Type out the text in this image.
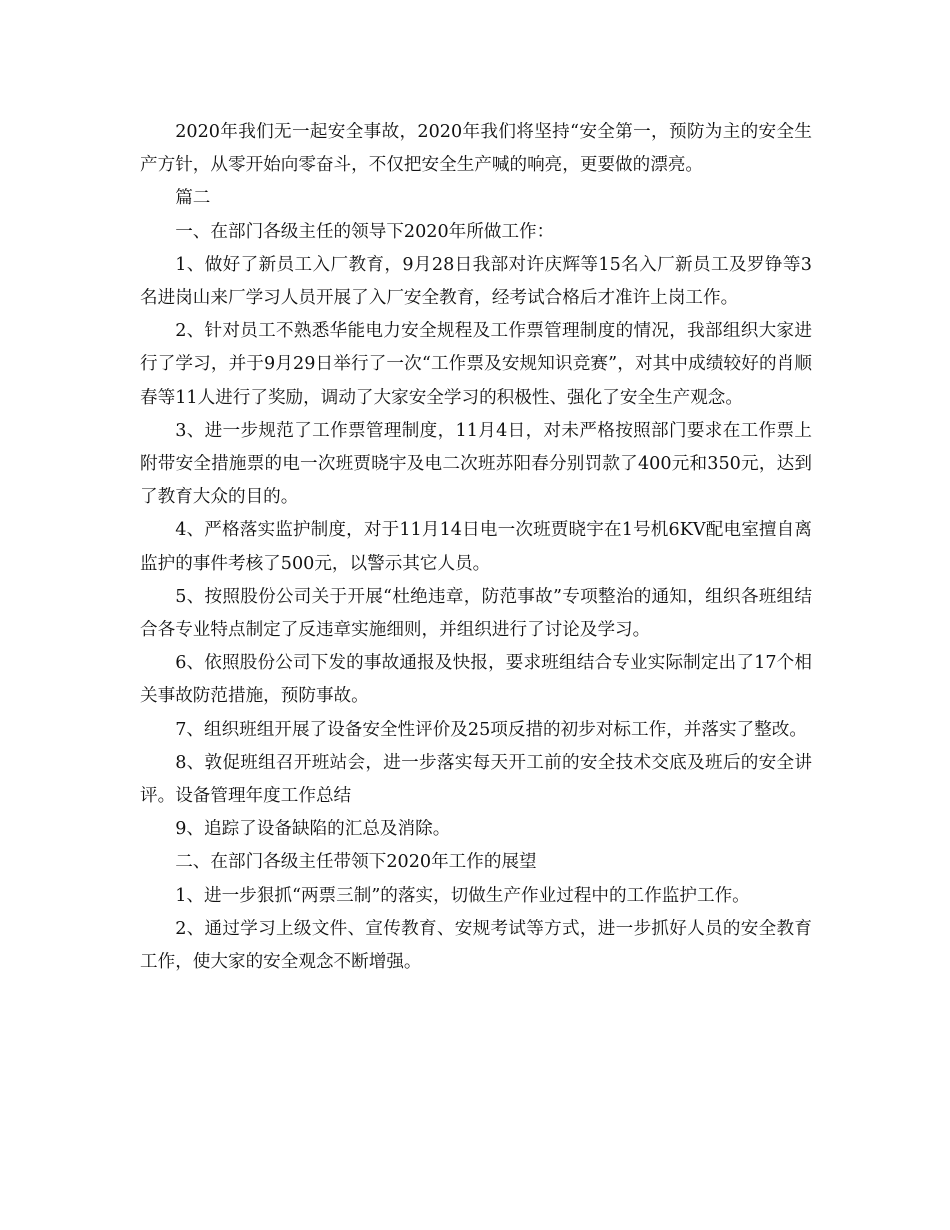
2020年我们无一起安全事故，2020年我们将坚持“安全第一，预防为主的安全生产方针，从零开始向零奋斗，不仅把安全生产喊的响亮，更要做的漂亮。

篇二

一、在部门各级主任的领导下2020年所做工作：

1、做好了新员工入厂教育，9月28日我部对许庆辉等15名入厂新员工及罗铮等3名进岗山来厂学习人员开展了入厂安全教育，经考试合格后才准许上岗工作。

2、针对员工不熟悉华能电力安全规程及工作票管理制度的情况，我部组织大家进行了学习，并于9月29日举行了一次“工作票及安规知识竞赛”，对其中成绩较好的肖顺春等11人进行了奖励，调动了大家安全学习的积极性、强化了安全生产观念。

3、进一步规范了工作票管理制度，11月4日，对未严格按照部门要求在工作票上附带安全措施票的电一次班贾晓宇及电二次班苏阳春分别罚款了400元和350元，达到了教育大众的目的。

4、严格落实监护制度，对于11月14日电一次班贾晓宇在1号机6KV配电室擅自离监护的事件考核了500元，以警示其它人员。

5、按照股份公司关于开展“杜绝违章，防范事故”专项整治的通知，组织各班组结合各专业特点制定了反违章实施细则，并组织进行了讨论及学习。

6、依照股份公司下发的事故通报及快报，要求班组结合专业实际制定出了17个相关事故防范措施，预防事故。

7、组织班组开展了设备安全性评价及25项反措的初步对标工作，并落实了整改。

8、敦促班组召开班站会，进一步落实每天开工前的安全技术交底及班后的安全讲评。设备管理年度工作总结

9、追踪了设备缺陷的汇总及消除。

二、在部门各级主任带领下2020年工作的展望

1、进一步狠抓“两票三制”的落实，切做生产作业过程中的工作监护工作。

2、通过学习上级文件、宣传教育、安规考试等方式，进一步抓好人员的安全教育工作，使大家的安全观念不断增强。
